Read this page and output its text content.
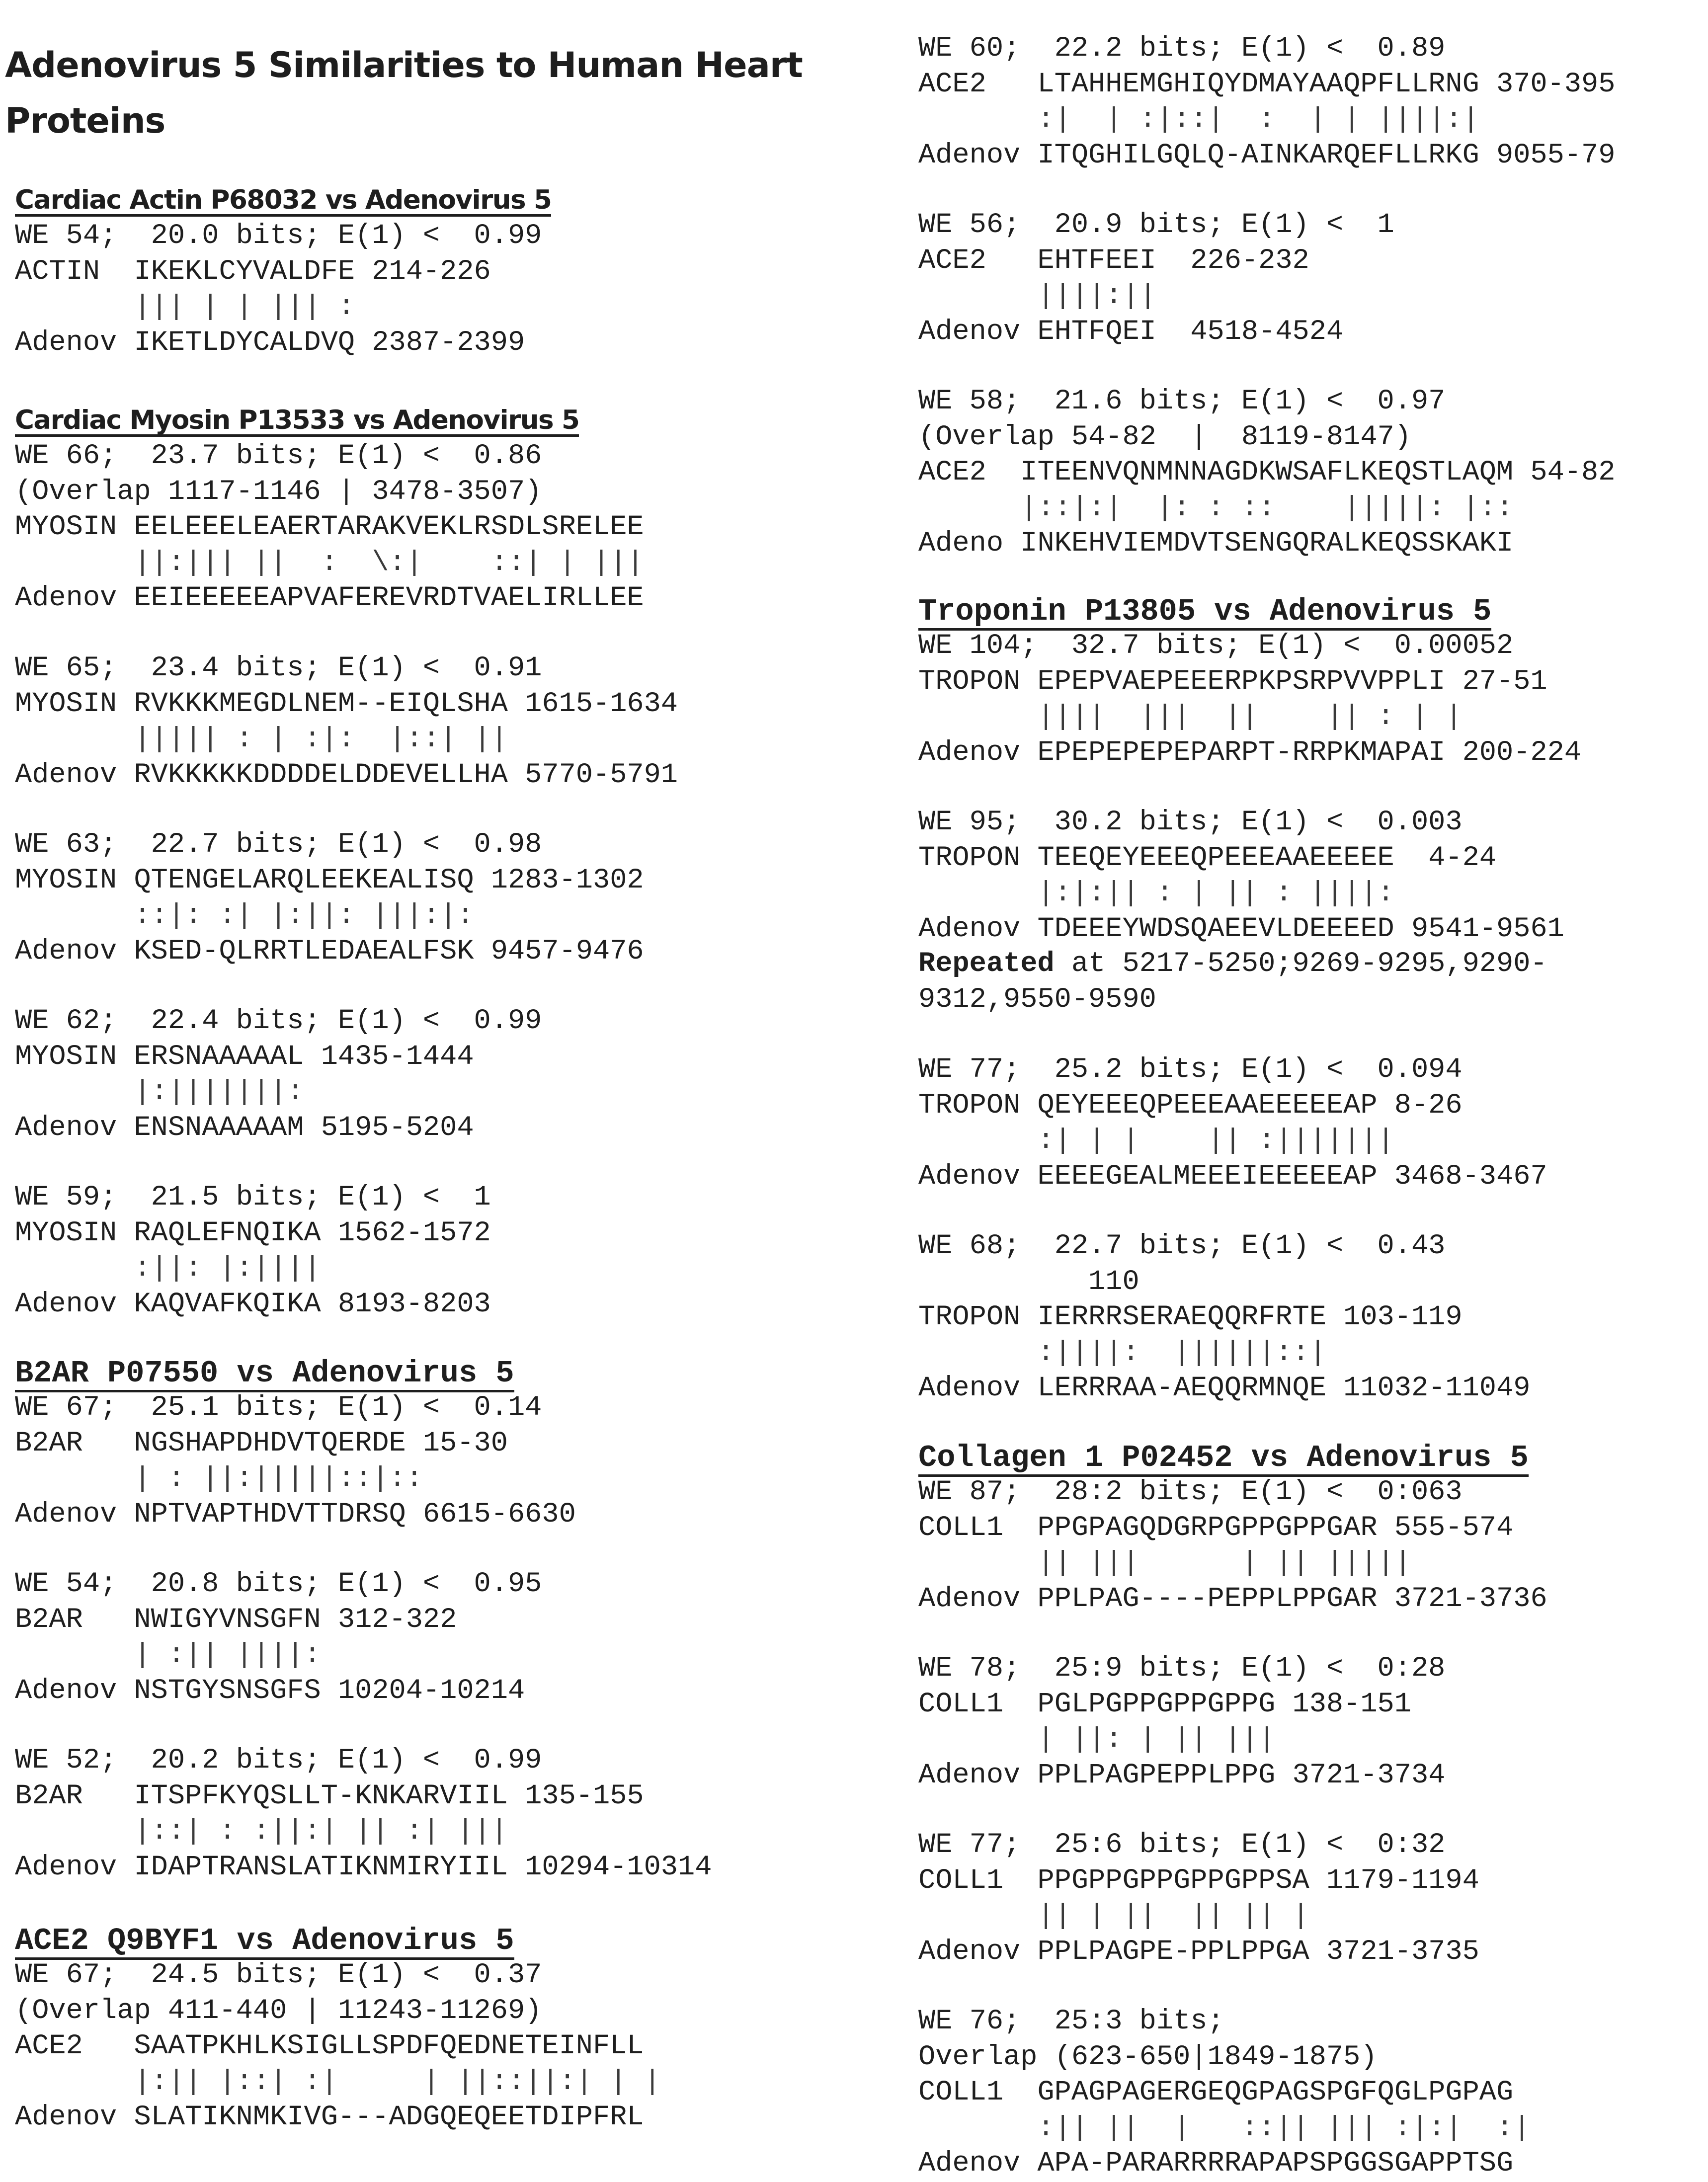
Adenovirus 5 Similarities to Human Heart Proteins
Cardiac Actin P68032 vs Adenovirus 5
WE 54;  20.0 bits; E(1) <  0.99
ACTIN  IKEKLCYVALDFE 214-226
||| | | ||| :
Adenov IKETLDYCALDVQ 2387-2399
Cardiac Myosin P13533 vs Adenovirus 5
WE 66;  23.7 bits; E(1) <  0.86
(Overlap 1117-1146 | 3478-3507)
MYOSIN EELEEELEAERTARAKVEKLRSDLSRELEE
||:||| ||  :  \:|    ::| | |||
Adenov EEIEEEEEAPVAFEREVRDTVAELIRLLEE
WE 65;  23.4 bits; E(1) <  0.91
MYOSIN RVKKKMEGDLNEM--EIQLSHA 1615-1634
||||| : | :|:  |::| ||
Adenov RVKKKKKDDDDELDDEVELLHA 5770-5791
WE 63;  22.7 bits; E(1) <  0.98
MYOSIN QTENGELARQLEEKEALISQ 1283-1302
::|: :| |:||: |||:|:
Adenov KSED-QLRRTLEDAEALFSK 9457-9476
WE 62;  22.4 bits; E(1) <  0.99
MYOSIN ERSNAAAAAL 1435-1444
|:|||||||:
Adenov ENSNAAAAAM 5195-5204
WE 59;  21.5 bits; E(1) <  1
MYOSIN RAQLEFNQIKA 1562-1572
:||: |:||||
Adenov KAQVAFKQIKA 8193-8203
B2AR P07550 vs Adenovirus 5
WE 67;  25.1 bits; E(1) <  0.14
B2AR   NGSHAPDHDVTQERDE 15-30
| : ||:|||||::|::
Adenov NPTVAPTHDVTTDRSQ 6615-6630
WE 54;  20.8 bits; E(1) <  0.95
B2AR   NWIGYVNSGFN 312-322
| :|| ||||:
Adenov NSTGYSNSGFS 10204-10214
WE 52;  20.2 bits; E(1) <  0.99
B2AR   ITSPFKYQSLLT-KNKARVIIL 135-155
|::| : :||:| || :| |||
Adenov IDAPTRANSLATIKNMIRYIIL 10294-10314
ACE2 Q9BYF1 vs Adenovirus 5
WE 67;  24.5 bits; E(1) <  0.37
(Overlap 411-440 | 11243-11269)
ACE2   SAATPKHLKSIGLLSPDFQEDNETEINFLL
|:|| |::| :|     | ||::||:| | |
Adenov SLATIKNMKIVG---ADGQEQEETDIPFRL
WE 60;  22.2 bits; E(1) <  0.89
ACE2   LTAHHEMGHIQYDMAYAAQPFLLRNG 370-395
:|  | :|::|  :  | | ||||:|
Adenov ITQGHILGQLQ-AINKARQEFLLRKG 9055-79
WE 56;  20.9 bits; E(1) <  1
ACE2   EHTFEEI  226-232
||||:||
Adenov EHTFQEI  4518-4524
WE 58;  21.6 bits; E(1) <  0.97
(Overlap 54-82  |  8119-8147)
ACE2  ITEENVQNMNNAGDKWSAFLKEQSTLAQM 54-82
|::|:|  |: : ::    |||||: |::
Adeno INKEHVIEMDVTSENGQRALKEQSSKAKI
Troponin P13805 vs Adenovirus 5
WE 104;  32.7 bits; E(1) <  0.00052
TROPON EPEPVAEPEEERPKPSRPVVPPLI 27-51
||||  |||  ||    || : | |
Adenov EPEPEPEPEPARPT-RRPKMAPAI 200-224
WE 95;  30.2 bits; E(1) <  0.003
TROPON TEEQEYEEEQPEEEAAEEEEE  4-24
|:|:|| : | || : ||||:
Adenov TDEEEYWDSQAEEVLDEEEED 9541-9561
Repeated at 5217-5250;9269-9295,9290-
9312,9550-9590
WE 77;  25.2 bits; E(1) <  0.094
TROPON QEYEEEQPEEEAAEEEEEAP 8-26
:| | |    || :|||||||
Adenov EEEEGEALMEEEIEEEEEAP 3468-3467
WE 68;  22.7 bits; E(1) <  0.43
110
TROPON IERRRSERAEQQRFRTE 103-119
:||||:  ||||||::|
Adenov LERRRAA-AEQQRMNQE 11032-11049
Collagen 1 P02452 vs Adenovirus 5
WE 87;  28:2 bits; E(1) <  0:063
COLL1  PPGPAGQDGRPGPPGPPGAR 555-574
|| |||      | || |||||
Adenov PPLPAG----PEPPLPPGAR 3721-3736
WE 78;  25:9 bits; E(1) <  0:28
COLL1  PGLPGPPGPPGPPG 138-151
| ||: | || |||
Adenov PPLPAGPEPPLPPG 3721-3734
WE 77;  25:6 bits; E(1) <  0:32
COLL1  PPGPPGPPGPPGPPSA 1179-1194
|| | ||  || || |
Adenov PPLPAGPE-PPLPPGA 3721-3735
WE 76;  25:3 bits;
Overlap (623-650|1849-1875)
COLL1  GPAGPAGERGEQGPAGSPGFQGLPGPAG
:|| ||  |   ::|| ||| :|:|  :|
Adenov APA-PARARRRRAPAPSPGGSGAPPTSG
